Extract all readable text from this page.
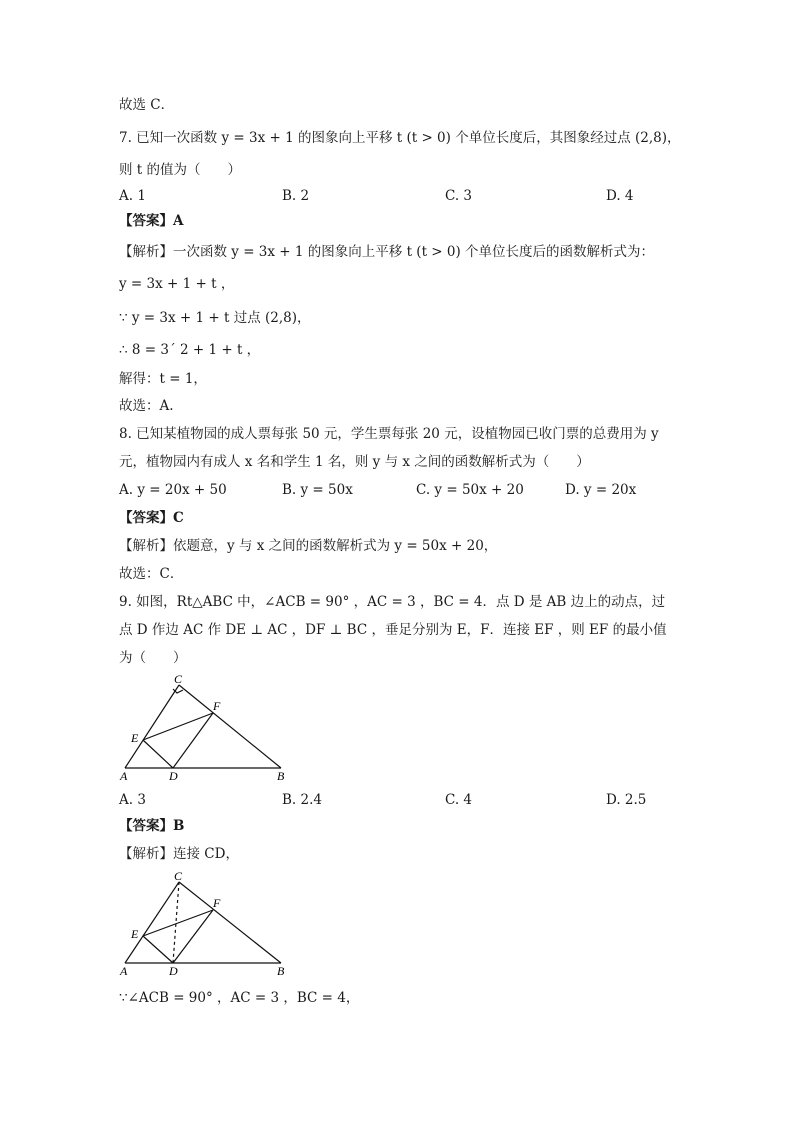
故选 C．
7. 已知一次函数 y = 3x + 1 的图象向上平移 t (t > 0) 个单位长度后，其图象经过点 (2,8)，
则 t 的值为（　　）
A. 1	B. 2	C. 3	D. 4
【答案】A
【解析】一次函数 y = 3x + 1 的图象向上平移 t (t > 0) 个单位长度后的函数解析式为：
y = 3x + 1 + t ，
∵ y = 3x + 1 + t 过点 (2,8)，
∴ 8 = 3´ 2 + 1 + t ，
解得：t = 1，
故选：A.
8. 已知某植物园的成人票每张 50 元，学生票每张 20 元，设植物园已收门票的总费用为 y
元，植物园内有成人 x 名和学生 1 名，则 y 与 x 之间的函数解析式为（　　）
A. y = 20x + 50	B. y = 50x	C. y = 50x + 20	D. y = 20x
【答案】C
【解析】依题意，y 与 x 之间的函数解析式为 y = 50x + 20，
故选：C．
9. 如图，Rt△ABC 中，∠ACB = 90° ，AC = 3 ，BC = 4．点 D 是 AB 边上的动点，过
点 D 作边 AC 作 DE ⊥ AC ，DF ⊥ BC ，垂足分别为 E，F．连接 EF ，则 EF 的最小值
为（　　）
C
F
E
A	D	B
A. 3	B. 2.4	C. 4	D. 2.5
【答案】B
【解析】连接 CD，
C
F
E
A	D	B
∵∠ACB = 90° ，AC = 3 ，BC = 4，
